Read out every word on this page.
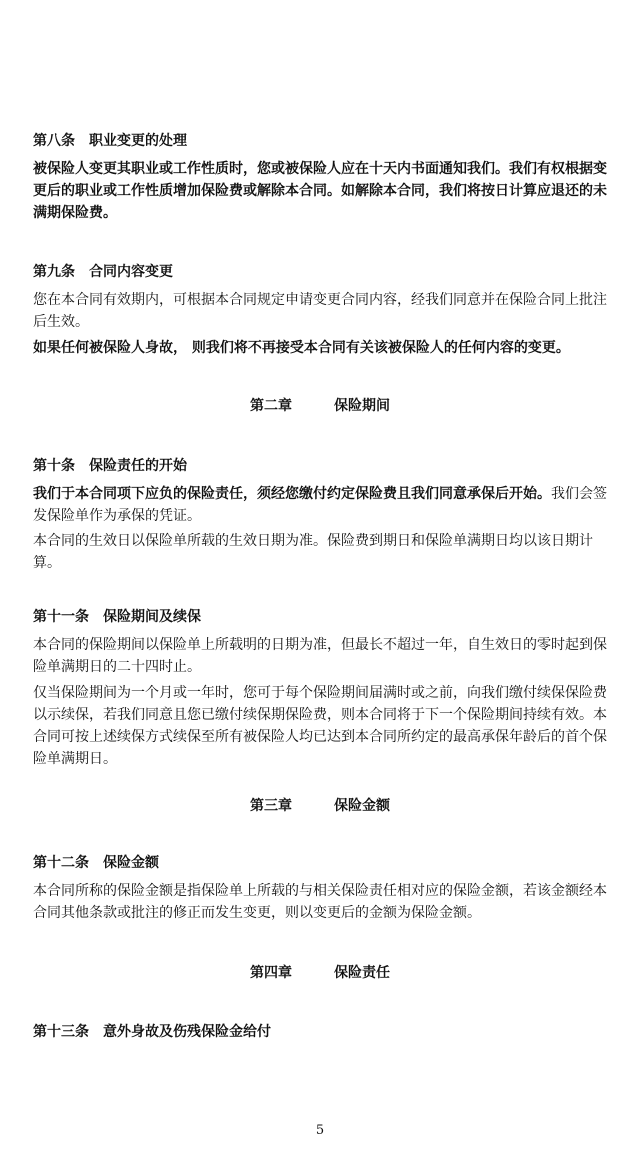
第八条　职业变更的处理

被保险人变更其职业或工作性质时，您或被保险人应在十天内书面通知我们。我们有权根据变更后的职业或工作性质增加保险费或解除本合同。如解除本合同，我们将按日计算应退还的未满期保险费。

第九条　合同内容变更

您在本合同有效期内，可根据本合同规定申请变更合同内容，经我们同意并在保险合同上批注后生效。

如果任何被保险人身故， 则我们将不再接受本合同有关该被保险人的任何内容的变更。

第二章　　　保险期间

第十条　保险责任的开始

我们于本合同项下应负的保险责任，须经您缴付约定保险费且我们同意承保后开始。我们会签发保险单作为承保的凭证。

本合同的生效日以保险单所载的生效日期为准。保险费到期日和保险单满期日均以该日期计算。

第十一条　保险期间及续保

本合同的保险期间以保险单上所载明的日期为准，但最长不超过一年，自生效日的零时起到保险单满期日的二十四时止。

仅当保险期间为一个月或一年时，您可于每个保险期间届满时或之前，向我们缴付续保保险费以示续保，若我们同意且您已缴付续保期保险费，则本合同将于下一个保险期间持续有效。本合同可按上述续保方式续保至所有被保险人均已达到本合同所约定的最高承保年龄后的首个保险单满期日。

第三章　　　保险金额

第十二条　保险金额

本合同所称的保险金额是指保险单上所载的与相关保险责任相对应的保险金额，若该金额经本合同其他条款或批注的修正而发生变更，则以变更后的金额为保险金额。

第四章　　　保险责任

第十三条　意外身故及伤残保险金给付

5
